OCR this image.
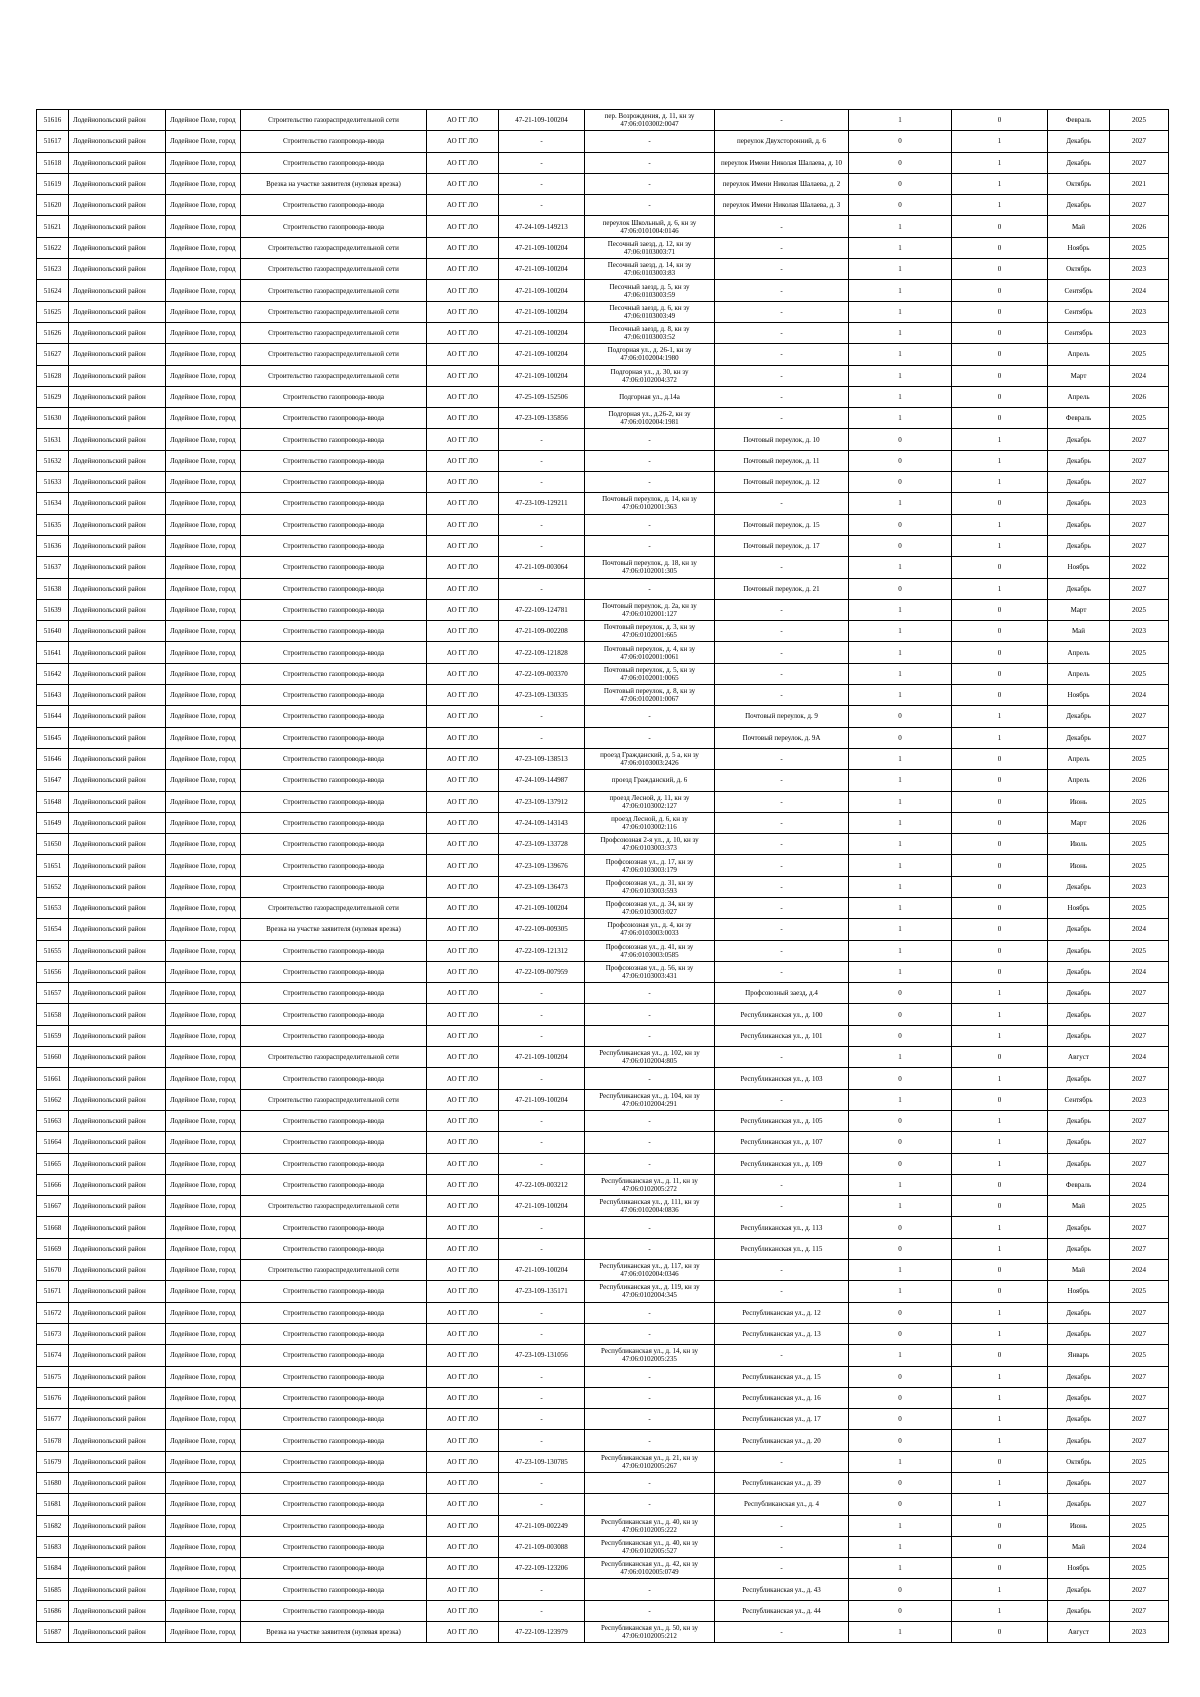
51616	Лодейнопольский район	Лодейное Поле, город	Строительство газораспределительной сети	АО ГГ ЛО	47-21-109-100204	пер. Возрождения, д. 11, кн зу 47:06:0103002:0047	-	1	0	Февраль	2025
51617	Лодейнопольский район	Лодейное Поле, город	Строительство газопровода-ввода	АО ГГ ЛО	-	-	переулок Двухсторонний, д. 6	0	1	Декабрь	2027
51618	Лодейнопольский район	Лодейное Поле, город	Строительство газопровода-ввода	АО ГГ ЛО	-	-	переулок Имени Николая Шалаева, д. 10	0	1	Декабрь	2027
51619	Лодейнопольский район	Лодейное Поле, город	Врезка на участке заявителя (нулевая врезка)	АО ГГ ЛО	-	-	переулок Имени Николая Шалаева, д. 2	0	1	Октябрь	2021
51620	Лодейнопольский район	Лодейное Поле, город	Строительство газопровода-ввода	АО ГГ ЛО	-	-	переулок Имени Николая Шалаева, д. 3	0	1	Декабрь	2027
51621	Лодейнопольский район	Лодейное Поле, город	Строительство газопровода-ввода	АО ГГ ЛО	47-24-109-149213	переулок Школьный, д. 6, кн зу 47:06:0101004:0146	-	1	0	Май	2026
51622	Лодейнопольский район	Лодейное Поле, город	Строительство газораспределительной сети	АО ГГ ЛО	47-21-109-100204	Песочный заезд, д. 12, кн зу 47:06:0103003:71	-	1	0	Ноябрь	2025
51623	Лодейнопольский район	Лодейное Поле, город	Строительство газораспределительной сети	АО ГГ ЛО	47-21-109-100204	Песочный заезд, д. 14, кн зу 47:06:0103003:83	-	1	0	Октябрь	2023
51624	Лодейнопольский район	Лодейное Поле, город	Строительство газораспределительной сети	АО ГГ ЛО	47-21-109-100204	Песочный заезд, д. 5, кн зу 47:06:0103003:59	-	1	0	Сентябрь	2024
51625	Лодейнопольский район	Лодейное Поле, город	Строительство газораспределительной сети	АО ГГ ЛО	47-21-109-100204	Песочный заезд, д. 6, кн зу 47:06:0103003:49	-	1	0	Сентябрь	2023
51626	Лодейнопольский район	Лодейное Поле, город	Строительство газораспределительной сети	АО ГГ ЛО	47-21-109-100204	Песочный заезд, д. 8, кн зу 47:06:0103003:52	-	1	0	Сентябрь	2023
51627	Лодейнопольский район	Лодейное Поле, город	Строительство газораспределительной сети	АО ГГ ЛО	47-21-109-100204	Подгорная ул., д. 26-1, кн зу 47:06:0102004:1980	-	1	0	Апрель	2025
51628	Лодейнопольский район	Лодейное Поле, город	Строительство газораспределительной сети	АО ГГ ЛО	47-21-109-100204	Подгорная ул., д. 30, кн зу 47:06:0102004:372	-	1	0	Март	2024
51629	Лодейнопольский район	Лодейное Поле, город	Строительство газопровода-ввода	АО ГГ ЛО	47-25-109-152506	Подгорная ул., д.14а	-	1	0	Апрель	2026
51630	Лодейнопольский район	Лодейное Поле, город	Строительство газопровода-ввода	АО ГГ ЛО	47-23-109-135856	Подгорная ул., д.26-2, кн зу 47:06:0102004:1981	-	1	0	Февраль	2025
51631	Лодейнопольский район	Лодейное Поле, город	Строительство газопровода-ввода	АО ГГ ЛО	-	-	Почтовый переулок, д. 10	0	1	Декабрь	2027
51632	Лодейнопольский район	Лодейное Поле, город	Строительство газопровода-ввода	АО ГГ ЛО	-	-	Почтовый переулок, д. 11	0	1	Декабрь	2027
51633	Лодейнопольский район	Лодейное Поле, город	Строительство газопровода-ввода	АО ГГ ЛО	-	-	Почтовый переулок, д. 12	0	1	Декабрь	2027
51634	Лодейнопольский район	Лодейное Поле, город	Строительство газопровода-ввода	АО ГГ ЛО	47-23-109-129211	Почтовый переулок, д. 14, кн зу 47:06:0102001:363	-	1	0	Декабрь	2023
51635	Лодейнопольский район	Лодейное Поле, город	Строительство газопровода-ввода	АО ГГ ЛО	-	-	Почтовый переулок, д. 15	0	1	Декабрь	2027
51636	Лодейнопольский район	Лодейное Поле, город	Строительство газопровода-ввода	АО ГГ ЛО	-	-	Почтовый переулок, д. 17	0	1	Декабрь	2027
51637	Лодейнопольский район	Лодейное Поле, город	Строительство газопровода-ввода	АО ГГ ЛО	47-21-109-003064	Почтовый переулок, д. 18, кн зу 47:06:0102001:305	-	1	0	Ноябрь	2022
51638	Лодейнопольский район	Лодейное Поле, город	Строительство газопровода-ввода	АО ГГ ЛО	-	-	Почтовый переулок, д. 21	0	1	Декабрь	2027
51639	Лодейнопольский район	Лодейное Поле, город	Строительство газопровода-ввода	АО ГГ ЛО	47-22-109-124781	Почтовый переулок, д. 2а, кн зу 47:06:0102001:127	-	1	0	Март	2025
51640	Лодейнопольский район	Лодейное Поле, город	Строительство газопровода-ввода	АО ГГ ЛО	47-21-109-002208	Почтовый переулок, д. 3, кн зу 47:06:0102001:665	-	1	0	Май	2023
51641	Лодейнопольский район	Лодейное Поле, город	Строительство газопровода-ввода	АО ГГ ЛО	47-22-109-121828	Почтовый переулок, д. 4, кн зу 47:06:0102001:0061	-	1	0	Апрель	2025
51642	Лодейнопольский район	Лодейное Поле, город	Строительство газопровода-ввода	АО ГГ ЛО	47-22-109-003370	Почтовый переулок, д. 5, кн зу 47:06:0102001:0065	-	1	0	Апрель	2025
51643	Лодейнопольский район	Лодейное Поле, город	Строительство газопровода-ввода	АО ГГ ЛО	47-23-109-130335	Почтовый переулок, д. 8, кн зу 47:06:0102001:0067	-	1	0	Ноябрь	2024
51644	Лодейнопольский район	Лодейное Поле, город	Строительство газопровода-ввода	АО ГГ ЛО	-	-	Почтовый переулок, д. 9	0	1	Декабрь	2027
51645	Лодейнопольский район	Лодейное Поле, город	Строительство газопровода-ввода	АО ГГ ЛО	-	-	Почтовый переулок, д. 9А	0	1	Декабрь	2027
51646	Лодейнопольский район	Лодейное Поле, город	Строительство газопровода-ввода	АО ГГ ЛО	47-23-109-138513	проезд Гражданский, д. 5 а, кн зу 47:06:0103003:2426	-	1	0	Апрель	2025
51647	Лодейнопольский район	Лодейное Поле, город	Строительство газопровода-ввода	АО ГГ ЛО	47-24-109-144987	проезд Гражданский, д. 6	-	1	0	Апрель	2026
51648	Лодейнопольский район	Лодейное Поле, город	Строительство газопровода-ввода	АО ГГ ЛО	47-23-109-137912	проезд Лесной, д. 11, кн зу 47:06:0103002:127	-	1	0	Июнь	2025
51649	Лодейнопольский район	Лодейное Поле, город	Строительство газопровода-ввода	АО ГГ ЛО	47-24-109-143143	проезд Лесной, д. 6, кн зу 47:06:0103002:116	-	1	0	Март	2026
51650	Лодейнопольский район	Лодейное Поле, город	Строительство газопровода-ввода	АО ГГ ЛО	47-23-109-133728	Профсоюзная 2-я ул., д. 10, кн зу 47:06:0103003:373	-	1	0	Июль	2025
51651	Лодейнопольский район	Лодейное Поле, город	Строительство газопровода-ввода	АО ГГ ЛО	47-23-109-139676	Профсоюзная ул., д. 17, кн зу 47:06:0103003:179	-	1	0	Июнь	2025
51652	Лодейнопольский район	Лодейное Поле, город	Строительство газопровода-ввода	АО ГГ ЛО	47-23-109-136473	Профсоюзная ул., д. 31, кн зу 47:06:0103003:593	-	1	0	Декабрь	2023
51653	Лодейнопольский район	Лодейное Поле, город	Строительство газораспределительной сети	АО ГГ ЛО	47-21-109-100204	Профсоюзная ул., д. 34, кн зу 47:06:0103003:027	-	1	0	Ноябрь	2025
51654	Лодейнопольский район	Лодейное Поле, город	Врезка на участке заявителя (нулевая врезка)	АО ГГ ЛО	47-22-109-009305	Профсоюзная ул., д. 4, кн зу 47:06:0103003:0033	-	1	0	Декабрь	2024
51655	Лодейнопольский район	Лодейное Поле, город	Строительство газопровода-ввода	АО ГГ ЛО	47-22-109-121312	Профсоюзная ул., д. 41, кн зу 47:06:0103003:0585	-	1	0	Декабрь	2025
51656	Лодейнопольский район	Лодейное Поле, город	Строительство газопровода-ввода	АО ГГ ЛО	47-22-109-007959	Профсоюзная ул., д. 56, кн зу 47:06:0103003:431	-	1	0	Декабрь	2024
51657	Лодейнопольский район	Лодейное Поле, город	Строительство газопровода-ввода	АО ГГ ЛО	-	-	Профсоюзный заезд, д.4	0	1	Декабрь	2027
51658	Лодейнопольский район	Лодейное Поле, город	Строительство газопровода-ввода	АО ГГ ЛО	-	-	Республиканская ул., д. 100	0	1	Декабрь	2027
51659	Лодейнопольский район	Лодейное Поле, город	Строительство газопровода-ввода	АО ГГ ЛО	-	-	Республиканская ул., д. 101	0	1	Декабрь	2027
51660	Лодейнопольский район	Лодейное Поле, город	Строительство газораспределительной сети	АО ГГ ЛО	47-21-109-100204	Республиканская ул., д. 102, кн зу 47:06:0102004:805	-	1	0	Август	2024
51661	Лодейнопольский район	Лодейное Поле, город	Строительство газопровода-ввода	АО ГГ ЛО	-	-	Республиканская ул., д. 103	0	1	Декабрь	2027
51662	Лодейнопольский район	Лодейное Поле, город	Строительство газораспределительной сети	АО ГГ ЛО	47-21-109-100204	Республиканская ул., д. 104, кн зу 47:06:0102004:291	-	1	0	Сентябрь	2023
51663	Лодейнопольский район	Лодейное Поле, город	Строительство газопровода-ввода	АО ГГ ЛО	-	-	Республиканская ул., д. 105	0	1	Декабрь	2027
51664	Лодейнопольский район	Лодейное Поле, город	Строительство газопровода-ввода	АО ГГ ЛО	-	-	Республиканская ул., д. 107	0	1	Декабрь	2027
51665	Лодейнопольский район	Лодейное Поле, город	Строительство газопровода-ввода	АО ГГ ЛО	-	-	Республиканская ул., д. 109	0	1	Декабрь	2027
51666	Лодейнопольский район	Лодейное Поле, город	Строительство газопровода-ввода	АО ГГ ЛО	47-22-109-003212	Республиканская ул., д. 11, кн зу 47:06:0102005:272	-	1	0	Февраль	2024
51667	Лодейнопольский район	Лодейное Поле, город	Строительство газораспределительной сети	АО ГГ ЛО	47-21-109-100204	Республиканская ул., д. 111, кн зу 47:06:0102004:0836	-	1	0	Май	2025
51668	Лодейнопольский район	Лодейное Поле, город	Строительство газопровода-ввода	АО ГГ ЛО	-	-	Республиканская ул., д. 113	0	1	Декабрь	2027
51669	Лодейнопольский район	Лодейное Поле, город	Строительство газопровода-ввода	АО ГГ ЛО	-	-	Республиканская ул., д. 115	0	1	Декабрь	2027
51670	Лодейнопольский район	Лодейное Поле, город	Строительство газораспределительной сети	АО ГГ ЛО	47-21-109-100204	Республиканская ул., д. 117, кн зу 47:06:0102004:0346	-	1	0	Май	2024
51671	Лодейнопольский район	Лодейное Поле, город	Строительство газопровода-ввода	АО ГГ ЛО	47-23-109-135171	Республиканская ул., д. 119, кн зу 47:06:0102004:345	-	1	0	Ноябрь	2025
51672	Лодейнопольский район	Лодейное Поле, город	Строительство газопровода-ввода	АО ГГ ЛО	-	-	Республиканская ул., д. 12	0	1	Декабрь	2027
51673	Лодейнопольский район	Лодейное Поле, город	Строительство газопровода-ввода	АО ГГ ЛО	-	-	Республиканская ул., д. 13	0	1	Декабрь	2027
51674	Лодейнопольский район	Лодейное Поле, город	Строительство газопровода-ввода	АО ГГ ЛО	47-23-109-131056	Республиканская ул., д. 14, кн зу 47:06:0102005:235	-	1	0	Январь	2025
51675	Лодейнопольский район	Лодейное Поле, город	Строительство газопровода-ввода	АО ГГ ЛО	-	-	Республиканская ул., д. 15	0	1	Декабрь	2027
51676	Лодейнопольский район	Лодейное Поле, город	Строительство газопровода-ввода	АО ГГ ЛО	-	-	Республиканская ул., д. 16	0	1	Декабрь	2027
51677	Лодейнопольский район	Лодейное Поле, город	Строительство газопровода-ввода	АО ГГ ЛО	-	-	Республиканская ул., д. 17	0	1	Декабрь	2027
51678	Лодейнопольский район	Лодейное Поле, город	Строительство газопровода-ввода	АО ГГ ЛО	-	-	Республиканская ул., д. 20	0	1	Декабрь	2027
51679	Лодейнопольский район	Лодейное Поле, город	Строительство газопровода-ввода	АО ГГ ЛО	47-23-109-130785	Республиканская ул., д. 21, кн зу 47:06:0102005:267	-	1	0	Октябрь	2025
51680	Лодейнопольский район	Лодейное Поле, город	Строительство газопровода-ввода	АО ГГ ЛО	-	-	Республиканская ул., д. 39	0	1	Декабрь	2027
51681	Лодейнопольский район	Лодейное Поле, город	Строительство газопровода-ввода	АО ГГ ЛО	-	-	Республиканская ул., д. 4	0	1	Декабрь	2027
51682	Лодейнопольский район	Лодейное Поле, город	Строительство газопровода-ввода	АО ГГ ЛО	47-21-109-002249	Республиканская ул., д. 40, кн зу 47:06:0102005:222	-	1	0	Июнь	2025
51683	Лодейнопольский район	Лодейное Поле, город	Строительство газопровода-ввода	АО ГГ ЛО	47-21-109-003088	Республиканская ул., д. 40, кн зу 47:06:0102005:527	-	1	0	Май	2024
51684	Лодейнопольский район	Лодейное Поле, город	Строительство газопровода-ввода	АО ГГ ЛО	47-22-109-123206	Республиканская ул., д. 42, кн зу 47:06:0102005:0749	-	1	0	Ноябрь	2025
51685	Лодейнопольский район	Лодейное Поле, город	Строительство газопровода-ввода	АО ГГ ЛО	-	-	Республиканская ул., д. 43	0	1	Декабрь	2027
51686	Лодейнопольский район	Лодейное Поле, город	Строительство газопровода-ввода	АО ГГ ЛО	-	-	Республиканская ул., д. 44	0	1	Декабрь	2027
51687	Лодейнопольский район	Лодейное Поле, город	Врезка на участке заявителя (нулевая врезка)	АО ГГ ЛО	47-22-109-123979	Республиканская ул., д. 50, кн зу 47:06:0102005:212	-	1	0	Август	2023
